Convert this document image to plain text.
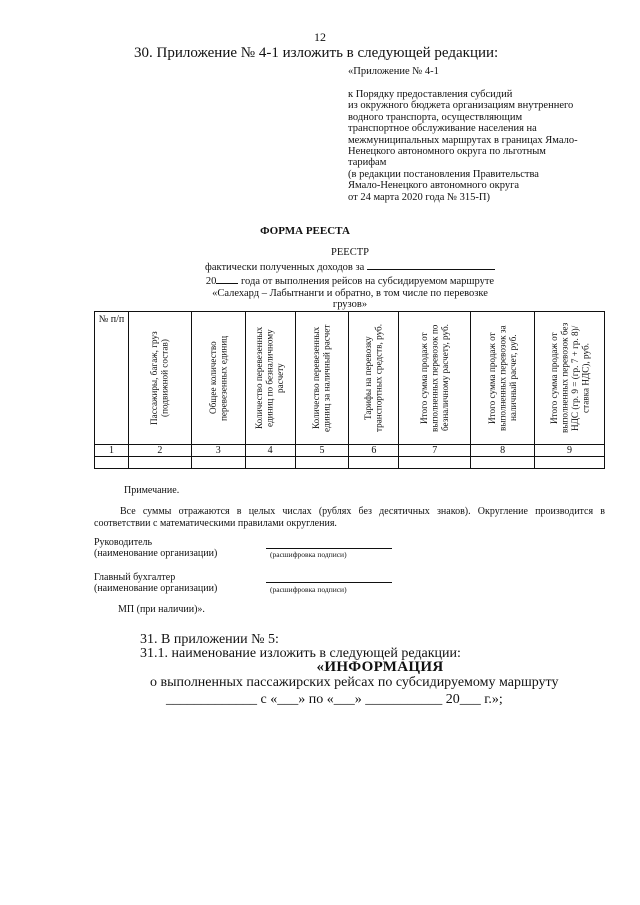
12
30. Приложение № 4-1 изложить в следующей редакции:
«Приложение № 4-1
к Порядку предоставления субсидий
из окружного бюджета организациям внутреннего
водного транспорта, осуществляющим
транспортное обслуживание населения на
межмуниципальных маршрутах в границах Ямало-
Ненецкого автономного округа по льготным
тарифам
(в редакции постановления Правительства
Ямало-Ненецкого автономного округа
от 24 марта 2020 года № 315-П)
ФОРМА РЕЕСТА
РЕЕСТР
фактически полученных доходов за
20 года от выполнения рейсов на субсидируемом маршруте
«Салехард – Лабытнанги и обратно, в том числе по перевозке
грузов»
№ п/п	Пассажиры, багаж, груз (подвижной состав)	Общее количество перевезенных единиц	Количество перевезенных единиц по безналичному расчету	Количество перевезенных единиц за наличный расчет	Тарифы на перевозку транспортных средств, руб.	Итого сумма продаж от выполненных перевозок по безналичному расчету, руб.	Итого сумма продаж от выполненных перевозок за наличный расчет, руб.	Итого сумма продаж от выполненных перевозок без НДС (гр. 9 = (гр. 7 + гр. 8)/ ставка НДС), руб.

1	2	3	4	5	6	7	8	9

Примечание.
Все суммы отражаются в целых числах (рублях без десятичных знаков). Округление производится в соответствии с математическими правилами округления.
Руководитель
(наименование организации)	(расшифровка подписи)
Главный бухгалтер
(наименование организации)	(расшифровка подписи)
МП (при наличии)».
31. В приложении № 5:
31.1. наименование изложить в следующей редакции:
«ИНФОРМАЦИЯ
о выполненных пассажирских рейсах по субсидируемому маршруту
_____________ с «___» по «___» ___________ 20___ г.»;
